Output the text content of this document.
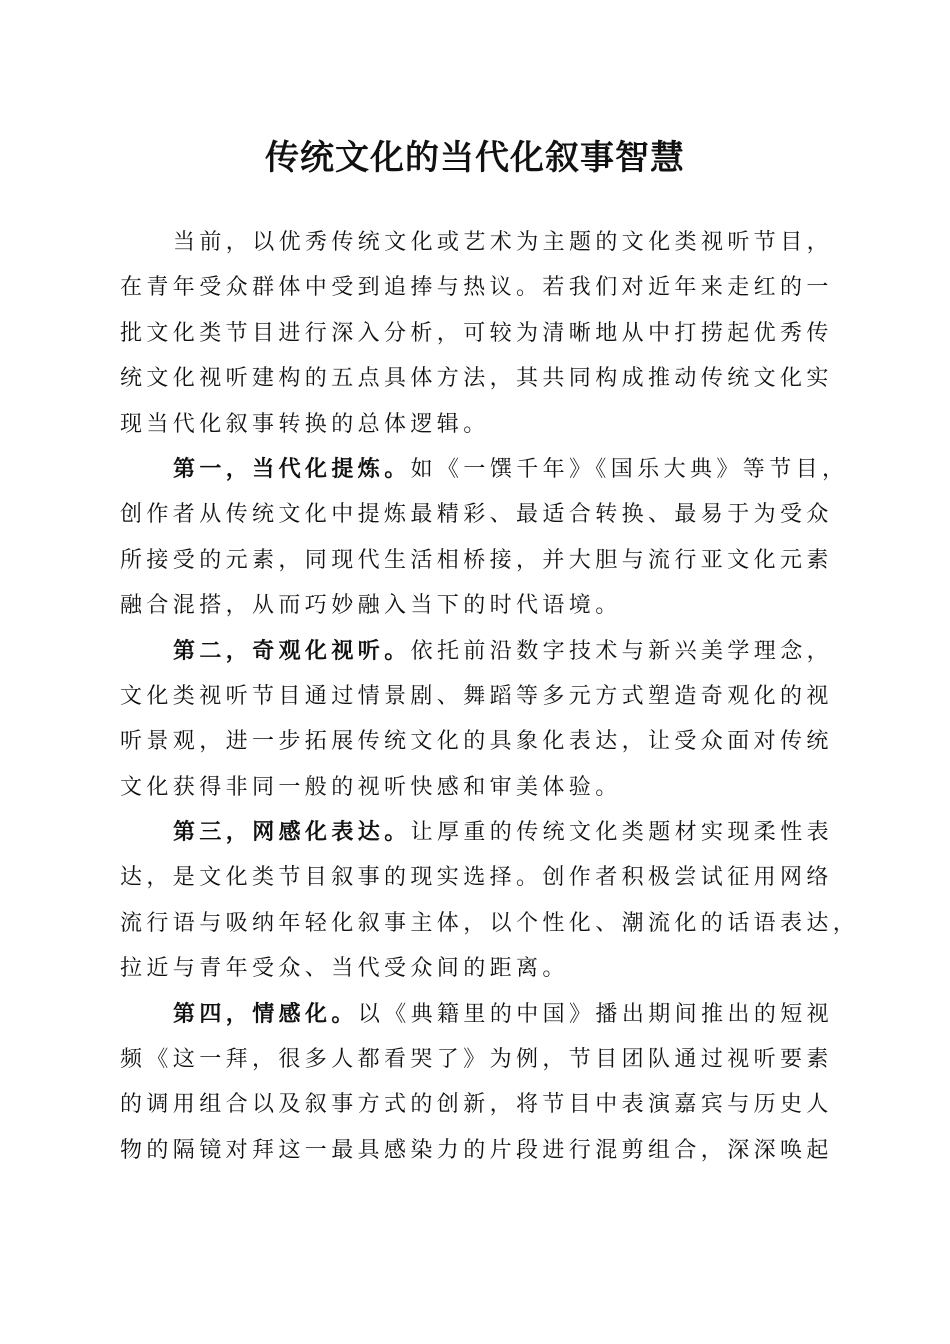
传统文化的当代化叙事智慧
当前，以优秀传统文化或艺术为主题的文化类视听节目，
在青年受众群体中受到追捧与热议。若我们对近年来走红的一
批文化类节目进行深入分析，可较为清晰地从中打捞起优秀传
统文化视听建构的五点具体方法，其共同构成推动传统文化实
现当代化叙事转换的总体逻辑。
第一，当代化提炼。如《一馔千年》《国乐大典》等节目，
创作者从传统文化中提炼最精彩、最适合转换、最易于为受众
所接受的元素，同现代生活相桥接，并大胆与流行亚文化元素
融合混搭，从而巧妙融入当下的时代语境。
第二，奇观化视听。依托前沿数字技术与新兴美学理念，
文化类视听节目通过情景剧、舞蹈等多元方式塑造奇观化的视
听景观，进一步拓展传统文化的具象化表达，让受众面对传统
文化获得非同一般的视听快感和审美体验。
第三，网感化表达。让厚重的传统文化类题材实现柔性表
达，是文化类节目叙事的现实选择。创作者积极尝试征用网络
流行语与吸纳年轻化叙事主体，以个性化、潮流化的话语表达，
拉近与青年受众、当代受众间的距离。
第四，情感化。以《典籍里的中国》播出期间推出的短视
频《这一拜，很多人都看哭了》为例，节目团队通过视听要素
的调用组合以及叙事方式的创新，将节目中表演嘉宾与历史人
物的隔镜对拜这一最具感染力的片段进行混剪组合，深深唤起
